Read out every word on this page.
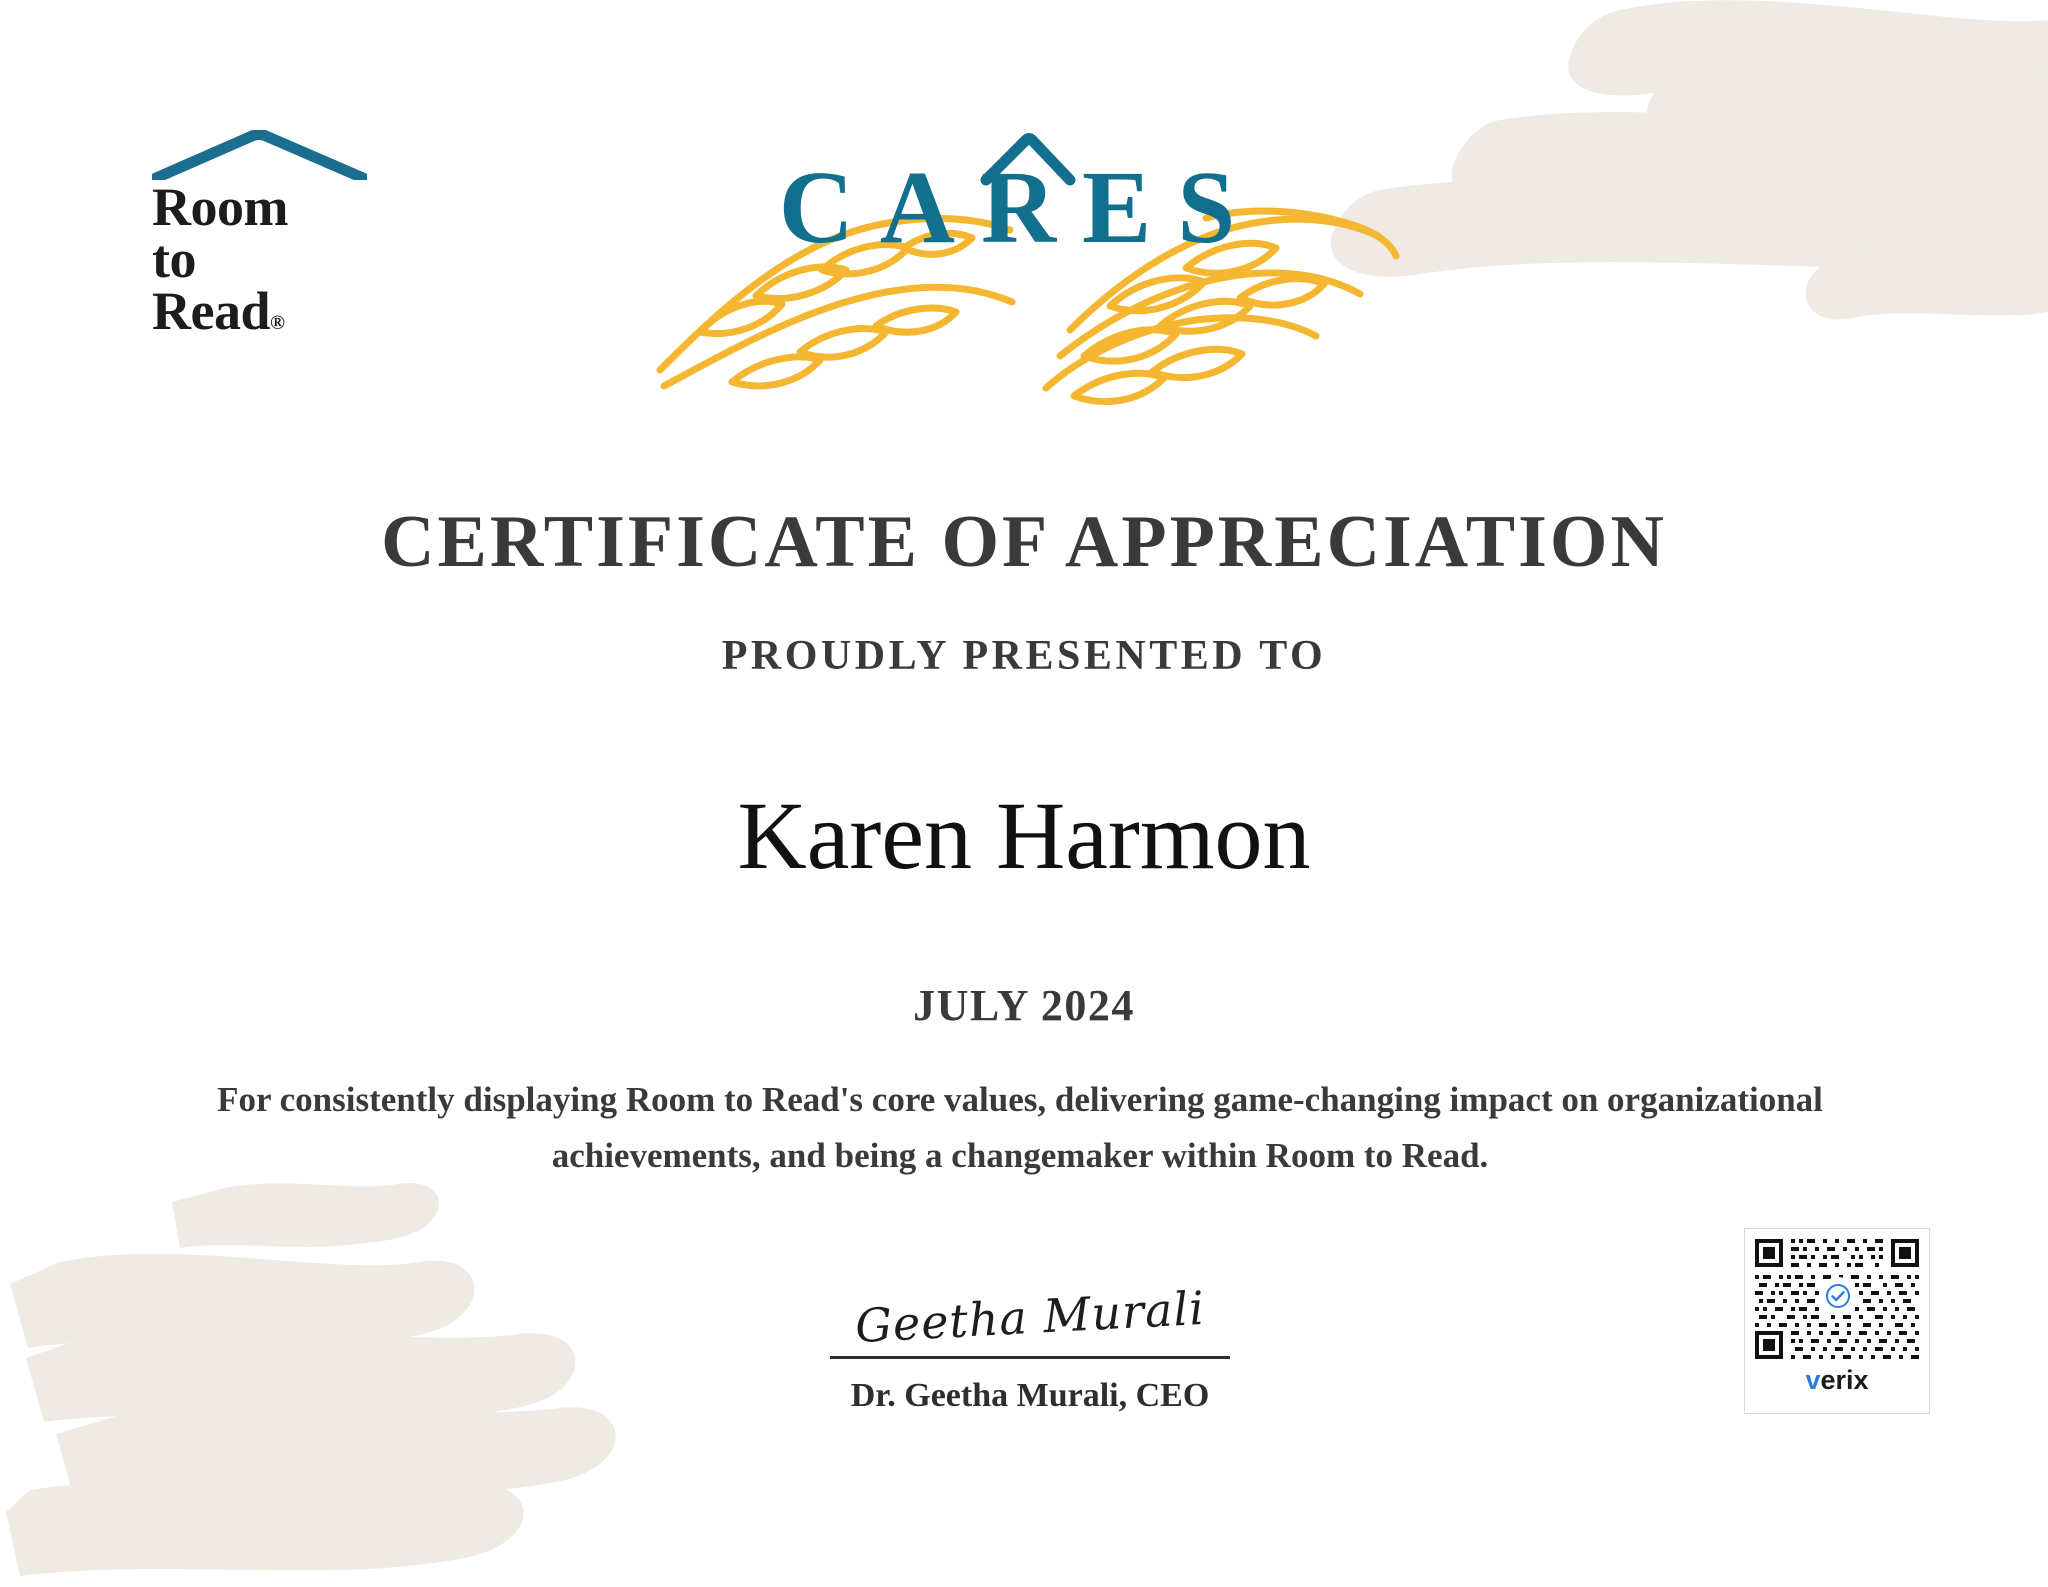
Room
to
Read®
CARES
CERTIFICATE OF APPRECIATION
PROUDLY PRESENTED TO
Karen Harmon
JULY 2024
For consistently displaying Room to Read's core values, delivering game-changing impact on organizational achievements, and being a changemaker within Room to Read.
Geetha Murali
Dr. Geetha Murali, CEO	verix
